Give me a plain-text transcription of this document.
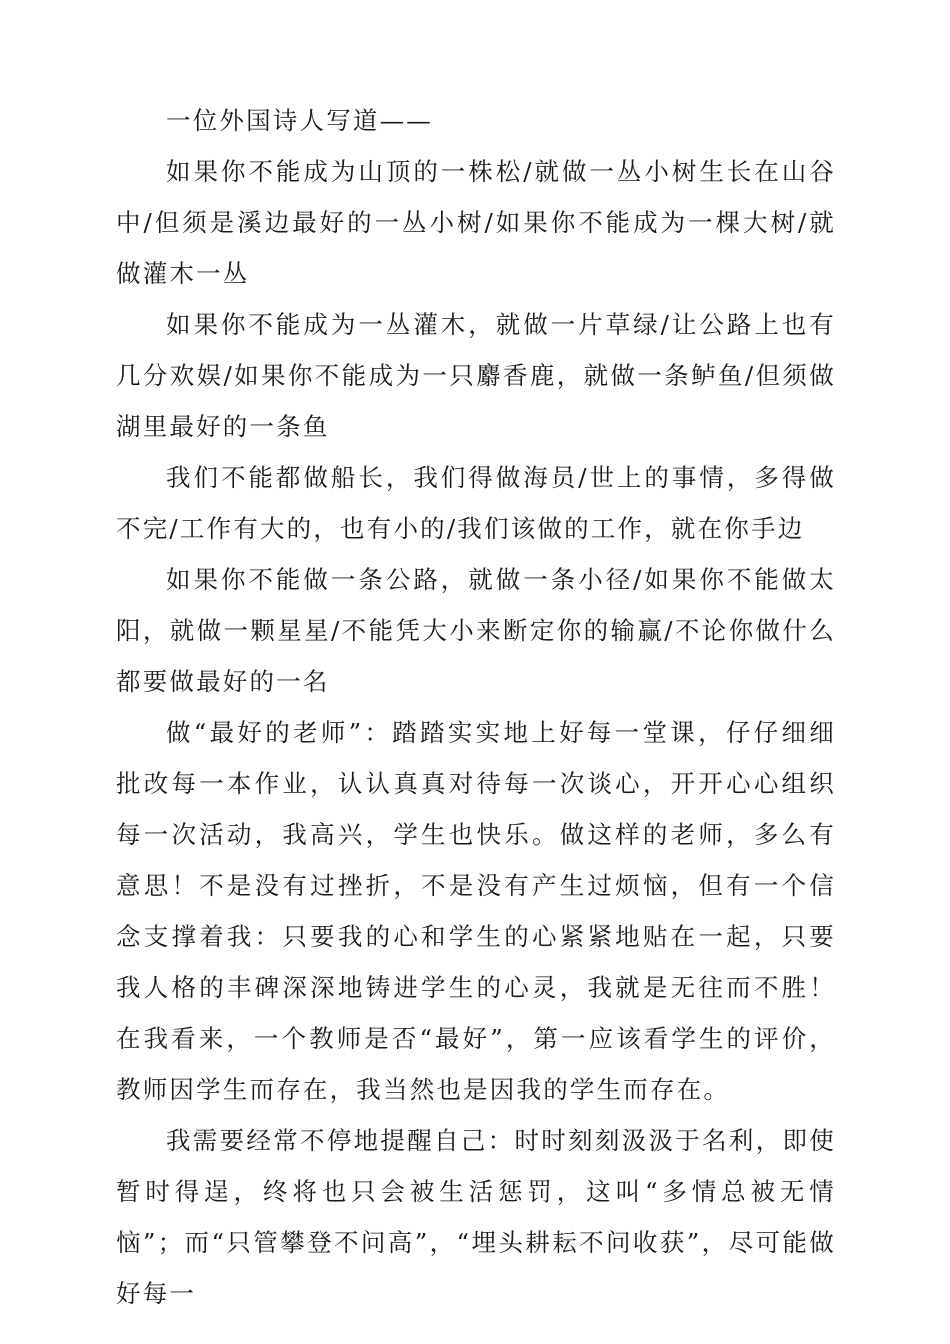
一位外国诗人写道——

如果你不能成为山顶的一株松/就做一丛小树生长在山谷中/但须是溪边最好的一丛小树/如果你不能成为一棵大树/就做灌木一丛

如果你不能成为一丛灌木，就做一片草绿/让公路上也有几分欢娱/如果你不能成为一只麝香鹿，就做一条鲈鱼/但须做湖里最好的一条鱼

我们不能都做船长，我们得做海员/世上的事情，多得做不完/工作有大的，也有小的/我们该做的工作，就在你手边

如果你不能做一条公路，就做一条小径/如果你不能做太阳，就做一颗星星/不能凭大小来断定你的输赢/不论你做什么都要做最好的一名

做“最好的老师”：踏踏实实地上好每一堂课，仔仔细细批改每一本作业，认认真真对待每一次谈心，开开心心组织每一次活动，我高兴，学生也快乐。做这样的老师，多么有意思！不是没有过挫折，不是没有产生过烦恼，但有一个信念支撑着我：只要我的心和学生的心紧紧地贴在一起，只要我人格的丰碑深深地铸进学生的心灵，我就是无往而不胜！在我看来，一个教师是否“最好”，第一应该看学生的评价，教师因学生而存在，我当然也是因我的学生而存在。

我需要经常不停地提醒自己：时时刻刻汲汲于名利，即使暂时得逞，终将也只会被生活惩罚，这叫“多情总被无情恼”；而“只管攀登不问高”，“埋头耕耘不问收获”，尽可能做好每一
